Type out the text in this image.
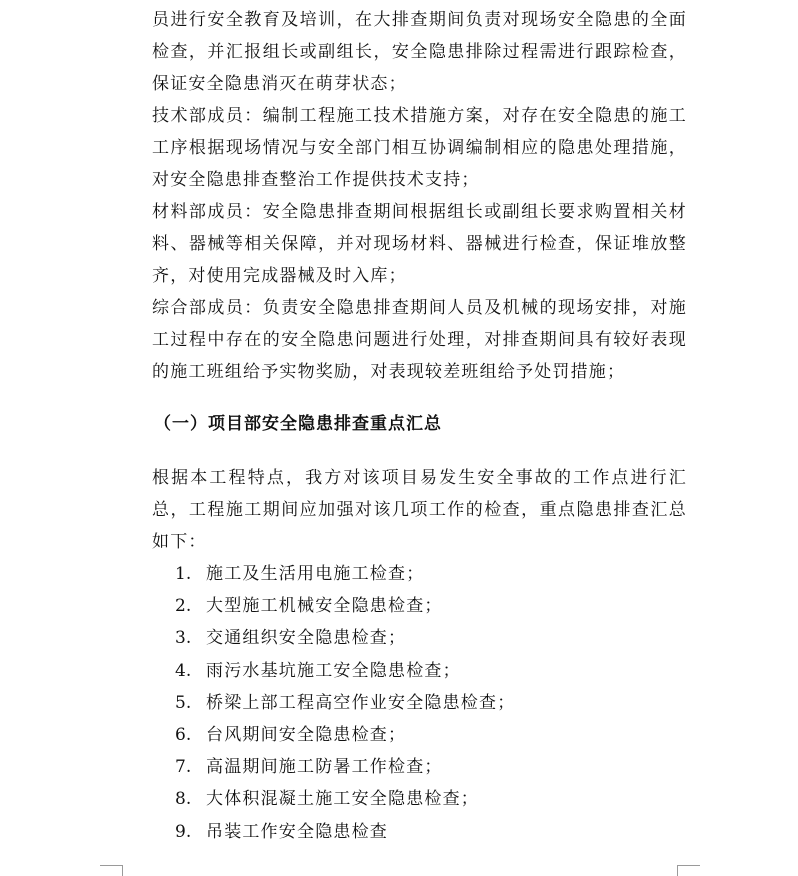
员进行安全教育及培训，在大排查期间负责对现场安全隐患的全面检查，并汇报组长或副组长，安全隐患排除过程需进行跟踪检查，保证安全隐患消灭在萌芽状态；

技术部成员：编制工程施工技术措施方案，对存在安全隐患的施工工序根据现场情况与安全部门相互协调编制相应的隐患处理措施，对安全隐患排查整治工作提供技术支持；

材料部成员：安全隐患排查期间根据组长或副组长要求购置相关材料、器械等相关保障，并对现场材料、器械进行检查，保证堆放整齐，对使用完成器械及时入库；

综合部成员：负责安全隐患排查期间人员及机械的现场安排，对施工过程中存在的安全隐患问题进行处理，对排查期间具有较好表现的施工班组给予实物奖励，对表现较差班组给予处罚措施；

（一）项目部安全隐患排查重点汇总

根据本工程特点，我方对该项目易发生安全事故的工作点进行汇总，工程施工期间应加强对该几项工作的检查，重点隐患排查汇总如下：

1. 施工及生活用电施工检查；
2. 大型施工机械安全隐患检查；
3. 交通组织安全隐患检查；
4. 雨污水基坑施工安全隐患检查；
5. 桥梁上部工程高空作业安全隐患检查；
6. 台风期间安全隐患检查；
7. 高温期间施工防暑工作检查；
8. 大体积混凝土施工安全隐患检查；
9. 吊装工作安全隐患检查
